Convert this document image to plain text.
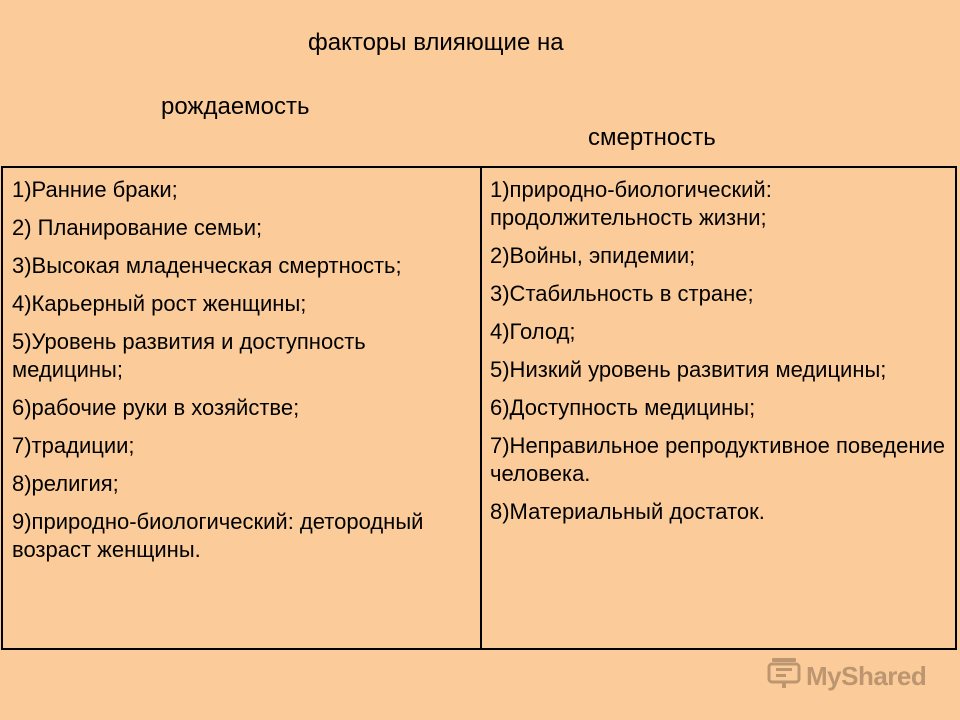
факторы влияющие на
рождаемость
смертность

1)Ранние браки;

2) Планирование семьи;

3)Высокая младенческая смертность;

4)Карьерный рост женщины;

5)Уровень развития и доступность медицины;

6)рабочие руки в хозяйстве;

7)традиции;

8)религия;

9)природно-биологический: детородный возраст женщины.

1)природно-биологический: продолжительность жизни;

2)Войны, эпидемии;

3)Стабильность в стране;

4)Голод;

5)Низкий уровень развития медицины;

6)Доступность медицины;

7)Неправильное репродуктивное поведение человека.

8)Материальный достаток.

MyShared
